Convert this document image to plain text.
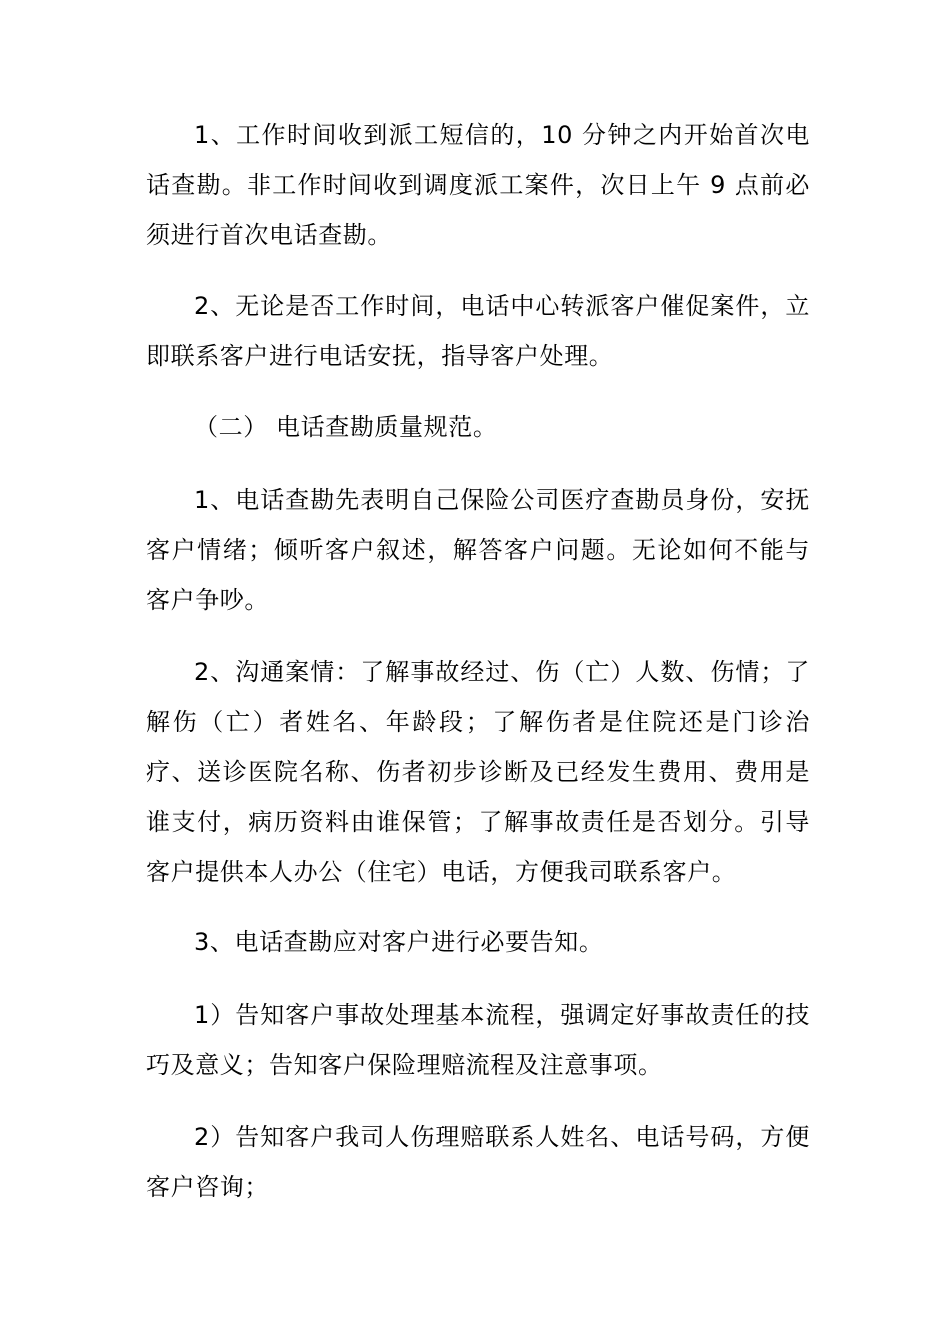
1、工作时间收到派工短信的，10 分钟之内开始首次电话查勘。非工作时间收到调度派工案件，次日上午 9 点前必须进行首次电话查勘。

2、无论是否工作时间，电话中心转派客户催促案件，立即联系客户进行电话安抚，指导客户处理。

（二） 电话查勘质量规范。

1、电话查勘先表明自己保险公司医疗查勘员身份，安抚客户情绪；倾听客户叙述，解答客户问题。无论如何不能与客户争吵。

2、沟通案情：了解事故经过、伤（亡）人数、伤情；了解伤（亡）者姓名、年龄段；了解伤者是住院还是门诊治疗、送诊医院名称、伤者初步诊断及已经发生费用、费用是谁支付，病历资料由谁保管；了解事故责任是否划分。引导客户提供本人办公（住宅）电话，方便我司联系客户。

3、电话查勘应对客户进行必要告知。

1）告知客户事故处理基本流程，强调定好事故责任的技巧及意义；告知客户保险理赔流程及注意事项。

2）告知客户我司人伤理赔联系人姓名、电话号码，方便客户咨询；
